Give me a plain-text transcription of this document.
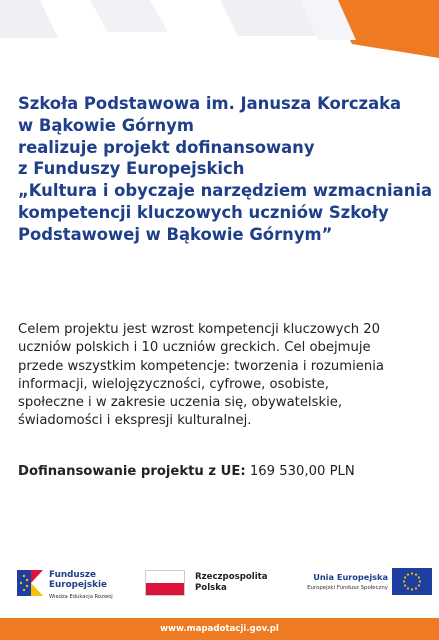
Szkoła Podstawowa im. Janusza Korczaka
w Bąkowie Górnym
realizuje projekt dofinansowany
z Funduszy Europejskich
„Kultura i obyczaje narzędziem wzmacniania
kompetencji kluczowych uczniów Szkoły
Podstawowej w Bąkowie Górnym”
Celem projektu jest wzrost kompetencji kluczowych 20
uczniów polskich i 10 uczniów greckich. Cel obejmuje
przede wszystkim kompetencje: tworzenia i rozumienia
informacji, wielojęzyczności, cyfrowe, osobiste,
społeczne i w zakresie uczenia się, obywatelskie,
świadomości i ekspresji kulturalnej.
Dofinansowanie projektu z UE: 169 530,00 PLN
Fundusze
Europejskie
Wiedza Edukacja Rozwój
Rzeczpospolita
Polska
Unia Europejska
Europejski Fundusz Społeczny
www.mapadotacji.gov.pl
